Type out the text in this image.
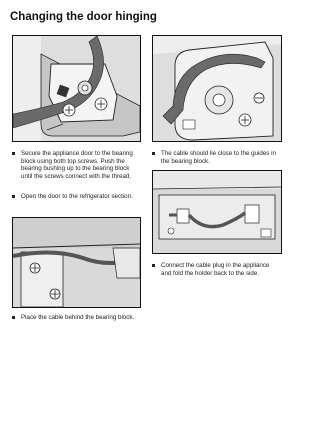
Changing the door hinging
Secure the appliance door to the bearing block using both top screws. Push the bearing bushing up to the bearing block until the screws connect with the thread.
Open the door to the refrigerator section.
Place the cable behind the bearing block.
The cable should lie close to the guides in the bearing block.
Connect the cable plug in the appliance and fold the holder back to the side.
